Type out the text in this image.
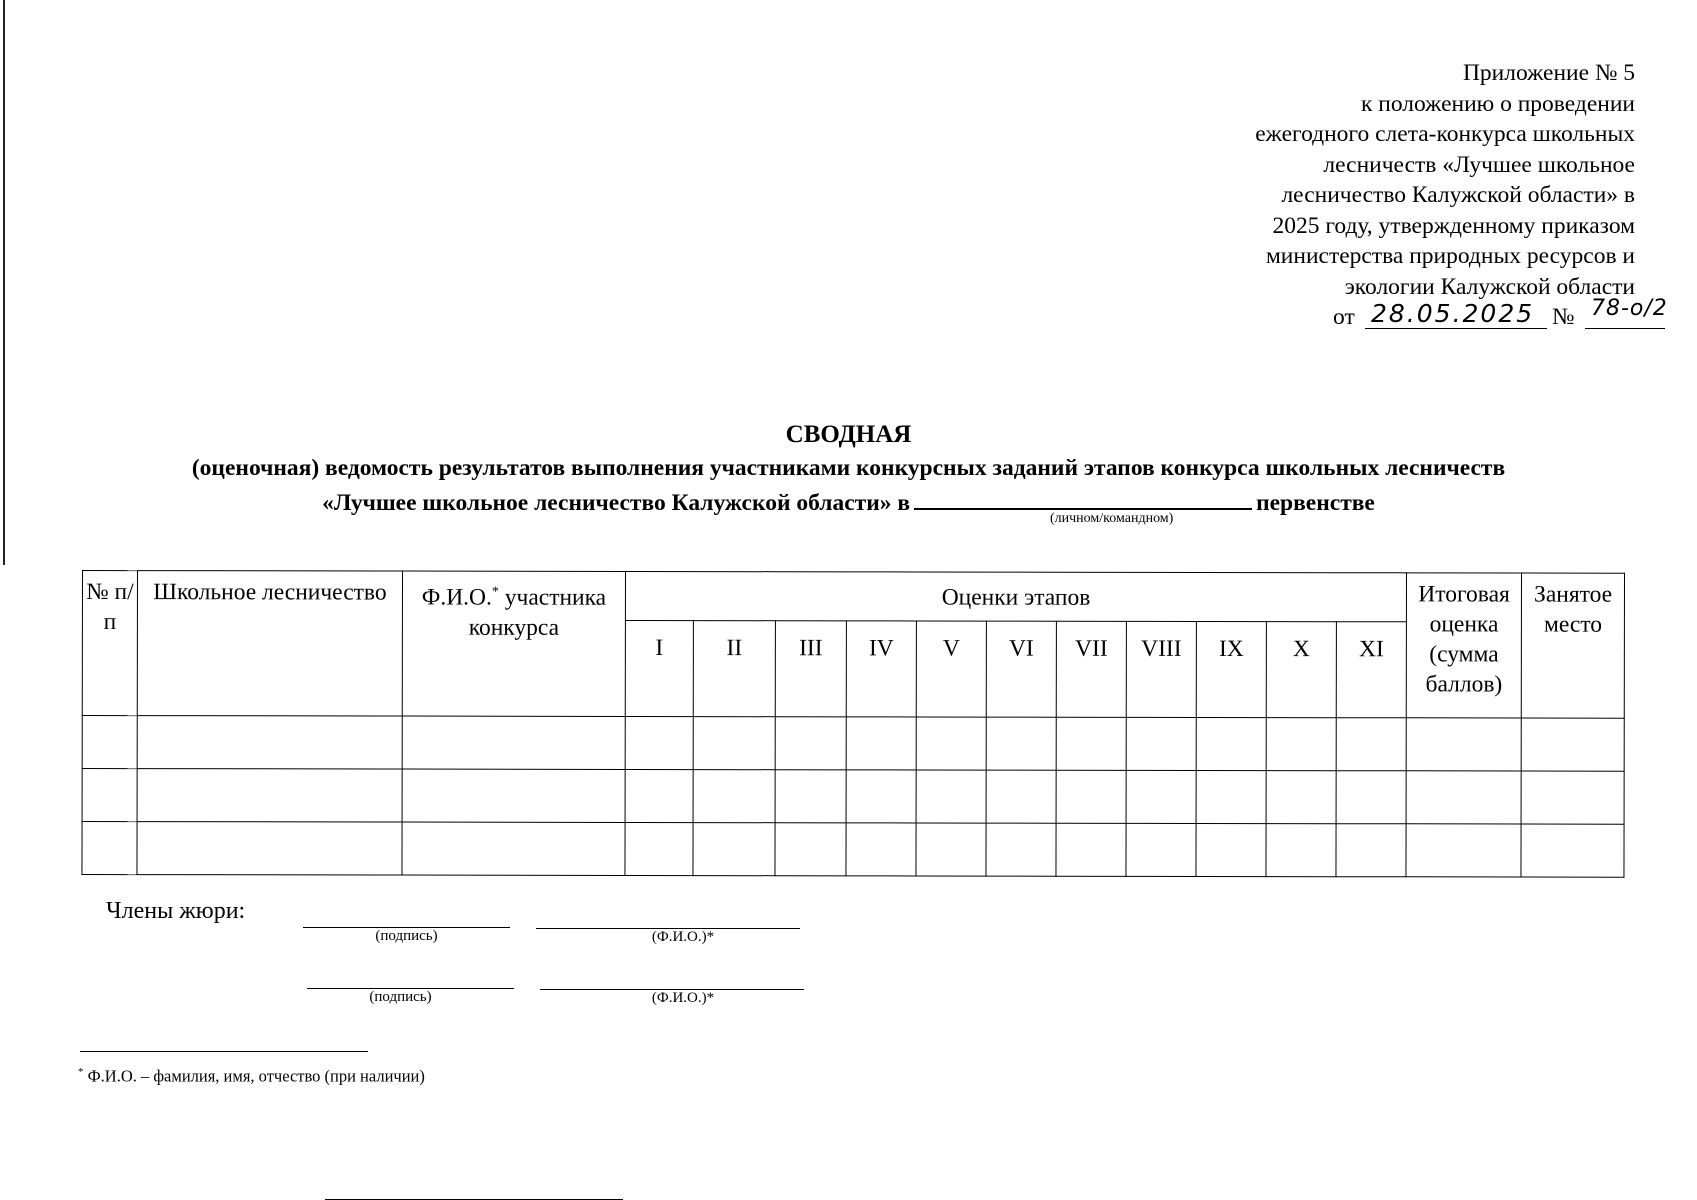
Приложение № 5
к положению о проведении
ежегодного слета-конкурса школьных
лесничеств «Лучшее школьное
лесничество Калужской области» в
2025 году, утвержденному приказом
министерства природных ресурсов и
экологии Калужской области
от 28.05.2025 № 78-о/2
СВОДНАЯ
(оценочная) ведомость результатов выполнения участниками конкурсных заданий этапов конкурса школьных лесничеств
«Лучшее школьное лесничество Калужской области» в	первенстве
(личном/командном)
№ п/п	Школьное лесничество	Ф.И.О.* участника конкурса	Оценки этапов											Итоговая оценка (сумма баллов)	Занятое место
			I	II	III	IV	V	VI	VII	VIII	IX	X	XI		

Члены жюри:
(подпись)	(Ф.И.О.)*
(подпись)	(Ф.И.О.)*
* Ф.И.О. – фамилия, имя, отчество (при наличии)
